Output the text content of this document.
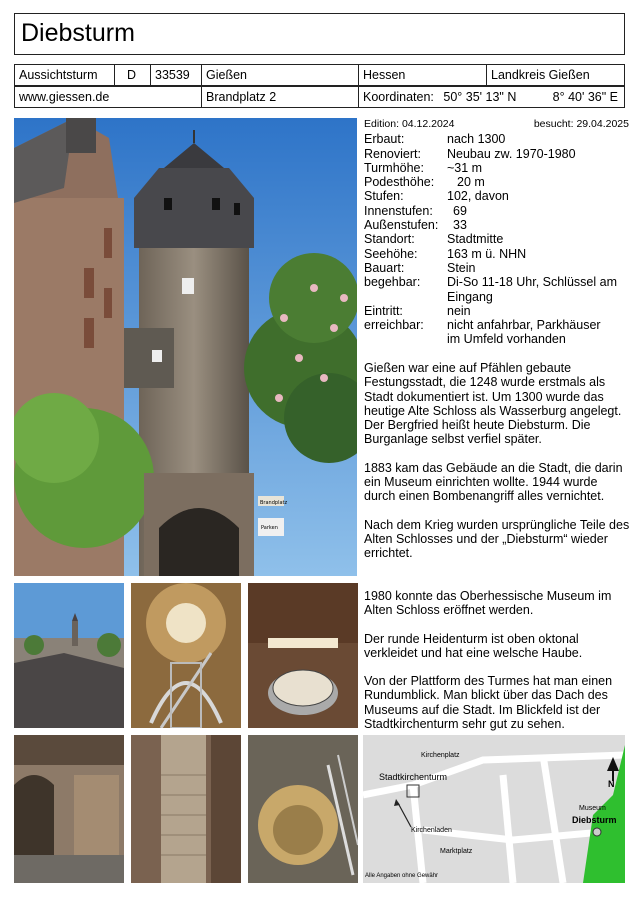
Diebsturm
Aussichtsturm	D	33539	Gießen	Hessen	Landkreis Gießen
www.giessen.de	Brandplatz 2	Koordinaten: 50° 35' 13" N	8° 40' 36" E
Brandplatz
Parken
Edition: 04.12.2024	besucht: 29.04.2025
Erbaut:	nach 1300
Renoviert: Neubau zw. 1970-1980
Turmhöhe: ~31 m
Podesthöhe: 20 m
Stufen:	102, davon
Innenstufen: 69
Außenstufen: 33
Standort:	Stadtmitte
Seehöhe: 163 m ü. NHN
Bauart:	Stein
begehbar: Di-So 11-18 Uhr, Schlüssel am
Eingang
Eintritt:	nein
erreichbar: nicht anfahrbar, Parkhäuser
im Umfeld vorhanden

Gießen war eine auf Pfählen gebaute Festungsstadt, die 1248 wurde erstmals als Stadt dokumentiert ist. Um 1300 wurde das heutige Alte Schloss als Wasserburg angelegt. Der Bergfried heißt heute Diebsturm. Die Burganlage selbst verfiel später.

1883 kam das Gebäude an die Stadt, die darin ein Museum einrichten wollte. 1944 wurde durch einen Bombenangriff alles vernichtet.

Nach dem Krieg wurden ursprüngliche Teile des Alten Schlosses und der „Diebsturm“ wieder errichtet.

1980 konnte das Oberhessische Museum im Alten Schloss eröffnet werden.

Der runde Heidenturm ist oben oktonal verkleidet und hat eine welsche Haube.

Von der Plattform des Turmes hat man einen Rundumblick. Man blickt über das Dach des Museums auf die Stadt. Im Blickfeld ist der Stadtkirchenturm sehr gut zu sehen.

Kirchenplatz
Stadtkirchenturm
Kirchenladen
Marktplatz
Museum
Diebsturm
N
Alle Angaben ohne Gewähr
